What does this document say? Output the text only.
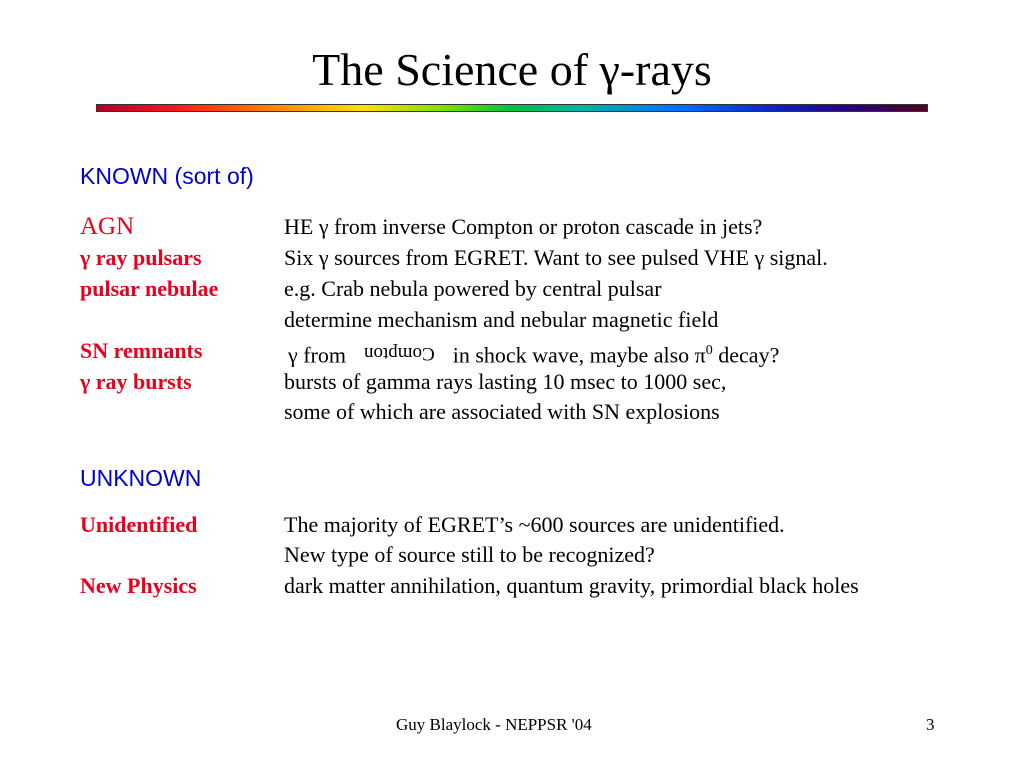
The Science of γ-rays
KNOWN (sort of)
AGN	HE γ from inverse Compton or proton cascade in jets?
γ ray pulsars	Six γ sources from EGRET. Want to see pulsed VHE γ signal.
pulsar nebulae	e.g. Crab nebula powered by central pulsar
determine mechanism and nebular magnetic field
SN remnants	γ from Compton in shock wave, maybe also $\pi^0$ decay?
γ ray bursts	bursts of gamma rays lasting 10 msec to 1000 sec,
some of which are associated with SN explosions
UNKNOWN
Unidentified	The majority of EGRET’s ~600 sources are unidentified.
New type of source still to be recognized?
New Physics	dark matter annihilation, quantum gravity, primordial black holes
Guy Blaylock - NEPPSR '04	3
